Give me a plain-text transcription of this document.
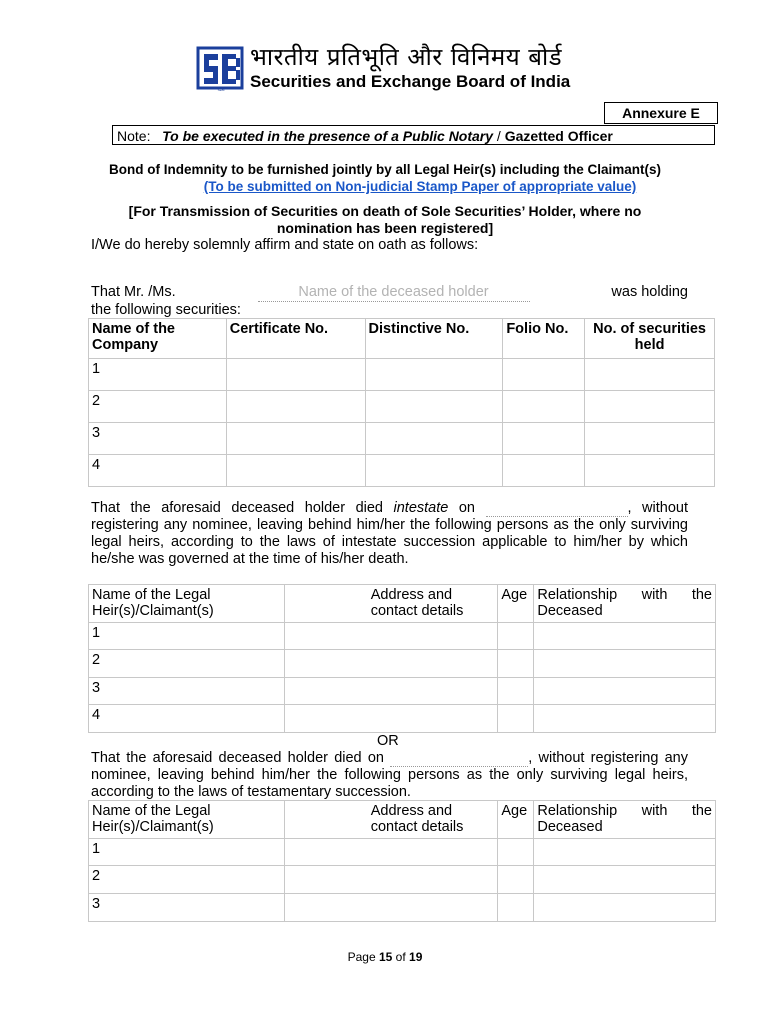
SEBI
भारतीय प्रतिभूति और विनिमय बोर्ड
Securities and Exchange Board of India
Annexure E
Note: To be executed in the presence of a Public Notary / Gazetted Officer
Bond of Indemnity to be furnished jointly by all Legal Heir(s) including the Claimant(s)
(To be submitted on Non-judicial Stamp Paper of appropriate value)
[For Transmission of Securities on death of Sole Securities’ Holder, where no
nomination has been registered]
I/We do hereby solemnly affirm and state on oath as follows:
That Mr. /Ms.	Name of the deceased holder	was holding
the following securities:
Name of the Company	Certificate No.	Distinctive No.	Folio No.	No. of securities held
1				
2				
3				
4				
That the aforesaid deceased holder died intestate on	, without registering any nominee, leaving behind him/her the following persons as the only surviving legal heirs, according to the laws of intestate succession applicable to him/her by which he/she was governed at the time of his/her death.
Name of the Legal Heir(s)/Claimant(s)	Address and contact details	Age	Relationship with the Deceased
1			
2			
3			
4			
OR
That the aforesaid deceased holder died on	, without registering any nominee, leaving behind him/her the following persons as the only surviving legal heirs, according to the laws of testamentary succession.
Name of the Legal Heir(s)/Claimant(s)	Address and contact details	Age	Relationship with the Deceased
1			
2			
3			
Page 15 of 19
